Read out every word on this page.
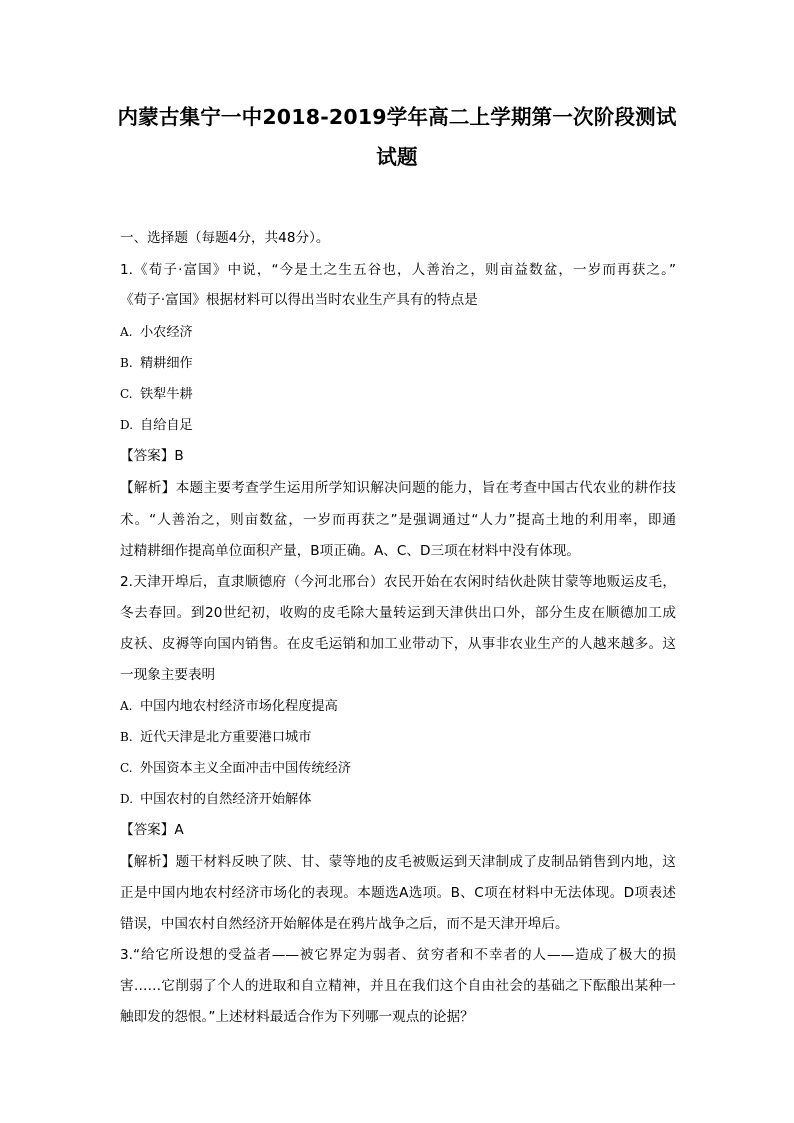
内蒙古集宁一中2018-2019学年高二上学期第一次阶段测试
试题
一、选择题（每题4分，共48分）。
1.《荀子·富国》中说，“今是土之生五谷也，人善治之，则亩益数盆，一岁而再获之。”
《荀子·富国》根据材料可以得出当时农业生产具有的特点是
A. 小农经济
B. 精耕细作
C. 铁犁牛耕
D. 自给自足
【答案】B
【解析】本题主要考查学生运用所学知识解决问题的能力，旨在考查中国古代农业的耕作技
术。“人善治之，则亩数盆，一岁而再获之”是强调通过“人力”提高土地的利用率，即通
过精耕细作提高单位面积产量，B项正确。A、C、D三项在材料中没有体现。
2.天津开埠后，直隶顺德府（今河北邢台）农民开始在农闲时结伙赴陕甘蒙等地贩运皮毛，
冬去春回。到20世纪初，收购的皮毛除大量转运到天津供出口外，部分生皮在顺德加工成
皮袄、皮褥等向国内销售。在皮毛运销和加工业带动下，从事非农业生产的人越来越多。这
一现象主要表明
A. 中国内地农村经济市场化程度提高
B. 近代天津是北方重要港口城市
C. 外国资本主义全面冲击中国传统经济
D. 中国农村的自然经济开始解体
【答案】A
【解析】题干材料反映了陕、甘、蒙等地的皮毛被贩运到天津制成了皮制品销售到内地，这
正是中国内地农村经济市场化的表现。本题选A选项。B、C项在材料中无法体现。D项表述
错误，中国农村自然经济开始解体是在鸦片战争之后，而不是天津开埠后。
3.“给它所设想的受益者——被它界定为弱者、贫穷者和不幸者的人——造成了极大的损
害……它削弱了个人的进取和自立精神，并且在我们这个自由社会的基础之下酝酿出某种一
触即发的怨恨。”上述材料最适合作为下列哪一观点的论据？
